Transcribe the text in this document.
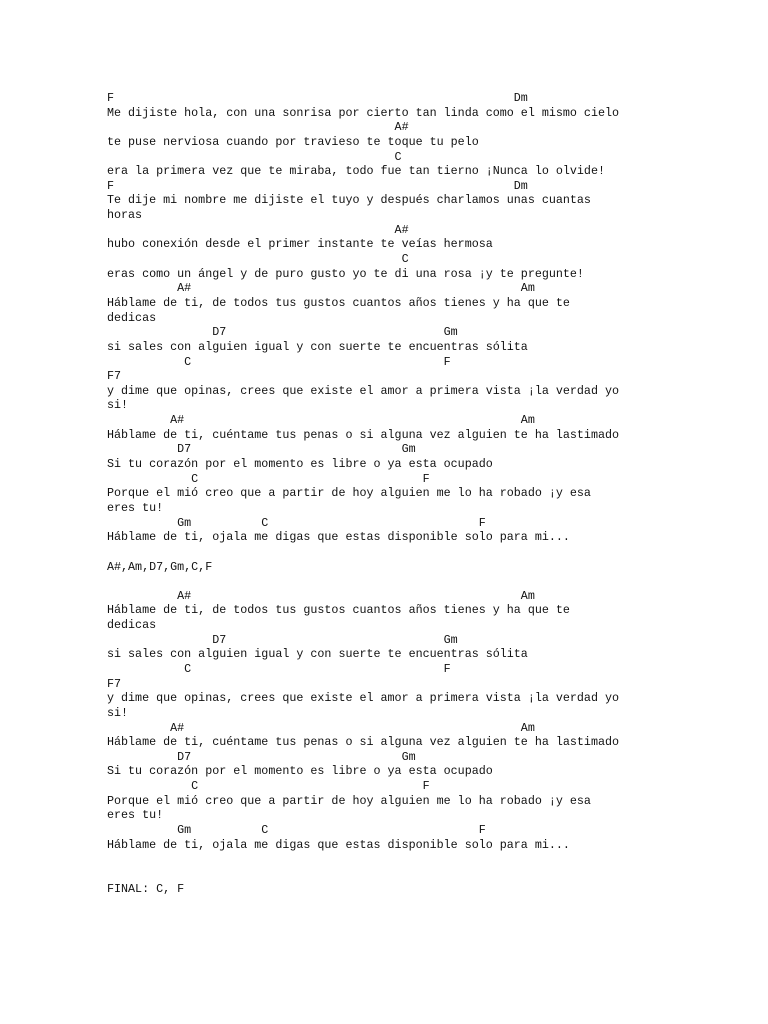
F                                                         Dm
Me dijiste hola, con una sonrisa por cierto tan linda como el mismo cielo
A#
te puse nerviosa cuando por travieso te toque tu pelo
C
era la primera vez que te miraba, todo fue tan tierno ¡Nunca lo olvide!
F                                                         Dm
Te dije mi nombre me dijiste el tuyo y después charlamos unas cuantas
horas
A#
hubo conexión desde el primer instante te veías hermosa
C
eras como un ángel y de puro gusto yo te di una rosa ¡y te pregunte!
A#                                               Am
Háblame de ti, de todos tus gustos cuantos años tienes y ha que te
dedicas
D7                               Gm
si sales con alguien igual y con suerte te encuentras sólita
C                                    F
F7
y dime que opinas, crees que existe el amor a primera vista ¡la verdad yo
si!
A#                                                Am
Háblame de ti, cuéntame tus penas o si alguna vez alguien te ha lastimado
D7                              Gm
Si tu corazón por el momento es libre o ya esta ocupado
C                                F
Porque el mió creo que a partir de hoy alguien me lo ha robado ¡y esa
eres tu!
Gm          C                              F
Háblame de ti, ojala me digas que estas disponible solo para mi...
A#,Am,D7,Gm,C,F
A#                                               Am
Háblame de ti, de todos tus gustos cuantos años tienes y ha que te
dedicas
D7                               Gm
si sales con alguien igual y con suerte te encuentras sólita
C                                    F
F7
y dime que opinas, crees que existe el amor a primera vista ¡la verdad yo
si!
A#                                                Am
Háblame de ti, cuéntame tus penas o si alguna vez alguien te ha lastimado
D7                              Gm
Si tu corazón por el momento es libre o ya esta ocupado
C                                F
Porque el mió creo que a partir de hoy alguien me lo ha robado ¡y esa
eres tu!
Gm          C                              F
Háblame de ti, ojala me digas que estas disponible solo para mi...
FINAL: C, F
